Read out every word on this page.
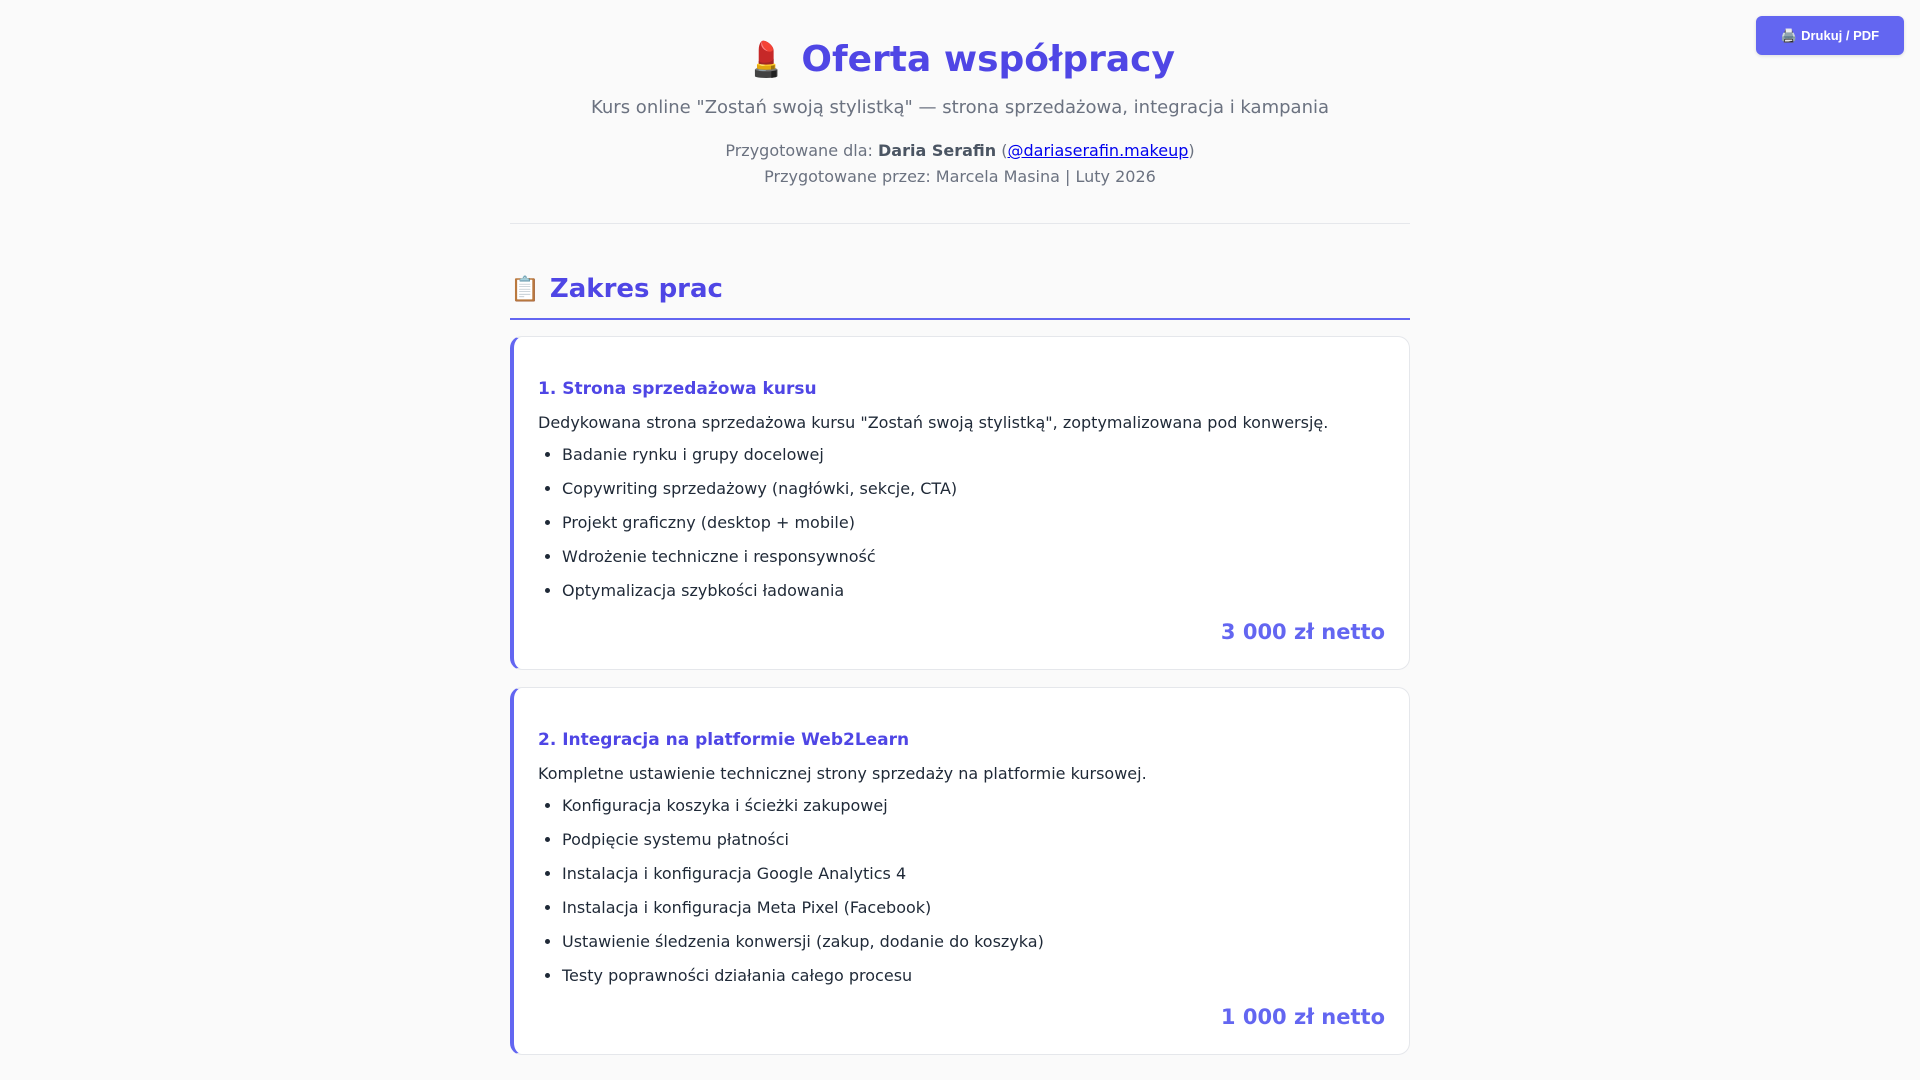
🖨️ Drukuj / PDF
💄 Oferta współpracy

Kurs online "Zostań swoją stylistką" — strona sprzedażowa, integracja i kampania

Przygotowane dla: Daria Serafin (@dariaserafin.makeup)
Przygotowane przez: Marcela Masina | Luty 2026
📋 Zakres prac
1. Strona sprzedażowa kursu

Dedykowana strona sprzedażowa kursu "Zostań swoją stylistką", zoptymalizowana pod konwersję.

• Badanie rynku i grupy docelowej
• Copywriting sprzedażowy (nagłówki, sekcje, CTA)
• Projekt graficzny (desktop + mobile)
• Wdrożenie techniczne i responsywność
• Optymalizacja szybkości ładowania
3 000 zł netto
2. Integracja na platformie Web2Learn

Kompletne ustawienie technicznej strony sprzedaży na platformie kursowej.

• Konfiguracja koszyka i ścieżki zakupowej
• Podpięcie systemu płatności
• Instalacja i konfiguracja Google Analytics 4
• Instalacja i konfiguracja Meta Pixel (Facebook)
• Ustawienie śledzenia konwersji (zakup, dodanie do koszyka)
• Testy poprawności działania całego procesu
1 000 zł netto
